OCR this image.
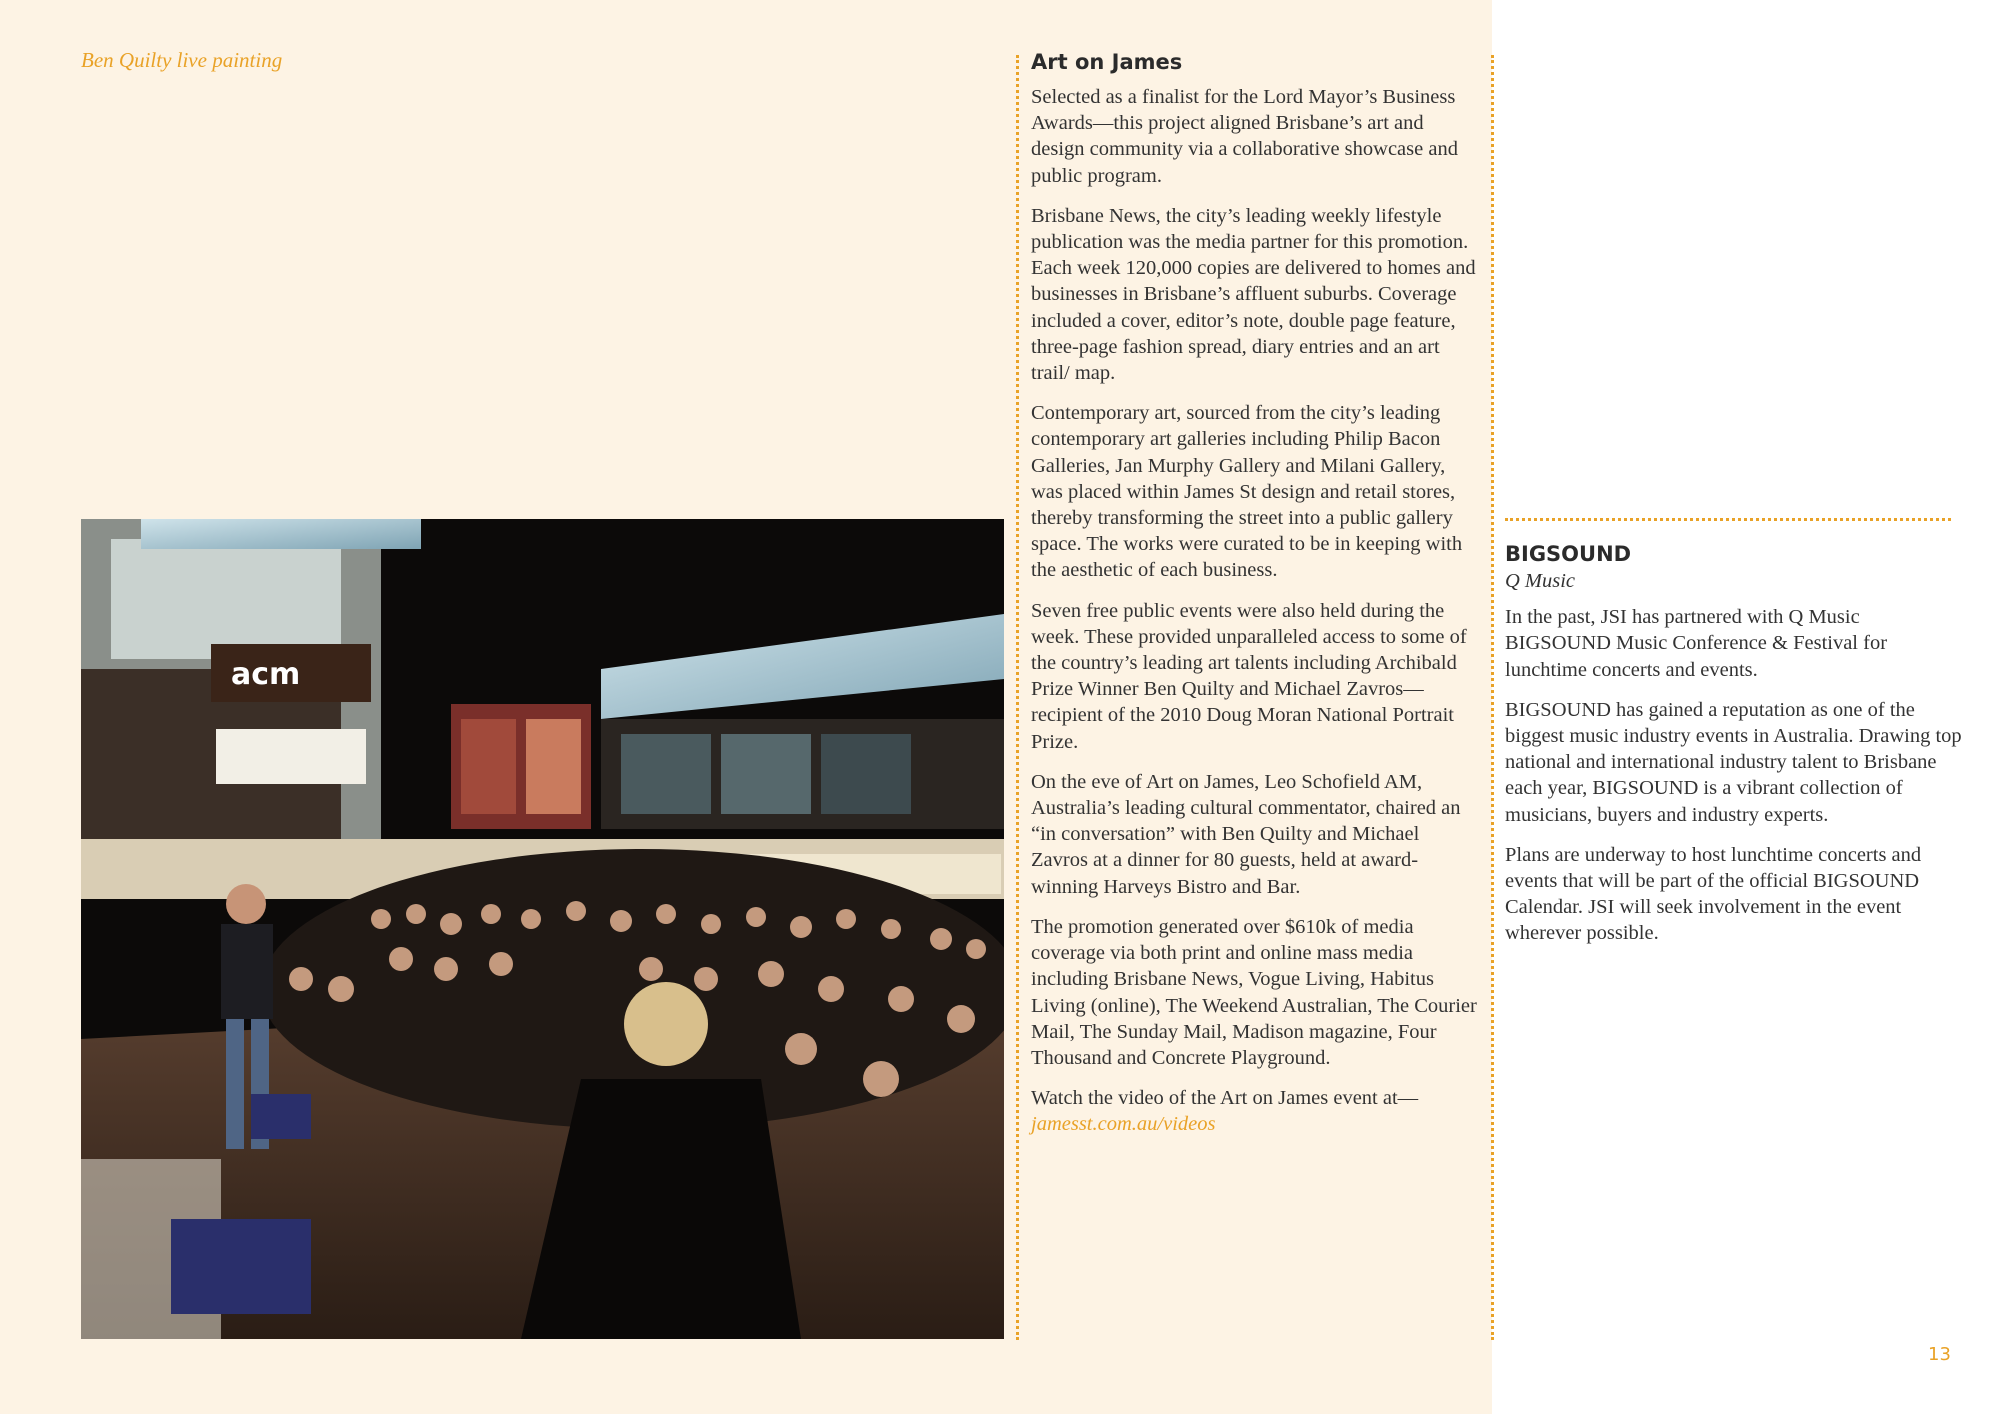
Ben Quilty live painting
acm
Art on James

Selected as a finalist for the Lord Mayor’s Business Awards—this project aligned Brisbane’s art and design community via a collaborative showcase and public program.

Brisbane News, the city’s leading weekly lifestyle publication was the media partner for this promotion. Each week 120,000 copies are delivered to homes and businesses in Brisbane’s affluent suburbs. Coverage included a cover, editor’s note, double page feature, three-page fashion spread, diary entries and an art trail/ map.

Contemporary art, sourced from the city’s leading contemporary art galleries including Philip Bacon Galleries, Jan Murphy Gallery and Milani Gallery, was placed within James St design and retail stores, thereby transforming the street into a public gallery space. The works were curated to be in keeping with the aesthetic of each business.

Seven free public events were also held during the week. These provided unparalleled access to some of the country’s leading art talents including Archibald Prize Winner Ben Quilty and Michael Zavros—recipient of the 2010 Doug Moran National Portrait Prize.

On the eve of Art on James, Leo Schofield AM, Australia’s leading cultural commentator, chaired an “in conversation” with Ben Quilty and Michael Zavros at a dinner for 80 guests, held at award-winning Harveys Bistro and Bar.

The promotion generated over $610k of media coverage via both print and online mass media including Brisbane News, Vogue Living, Habitus Living (online), The Weekend Australian, The Courier Mail, The Sunday Mail, Madison magazine, Four Thousand and Concrete Playground.

Watch the video of the Art on James event at—
jamesst.com.au/videos

BIGSOUND
Q Music

In the past, JSI has partnered with Q Music BIGSOUND Music Conference & Festival for lunchtime concerts and events.

BIGSOUND has gained a reputation as one of the biggest music industry events in Australia. Drawing top national and international industry talent to Brisbane each year, BIGSOUND is a vibrant collection of musicians, buyers and industry experts.

Plans are underway to host lunchtime concerts and events that will be part of the official BIGSOUND Calendar. JSI will seek involvement in the event wherever possible.

13
